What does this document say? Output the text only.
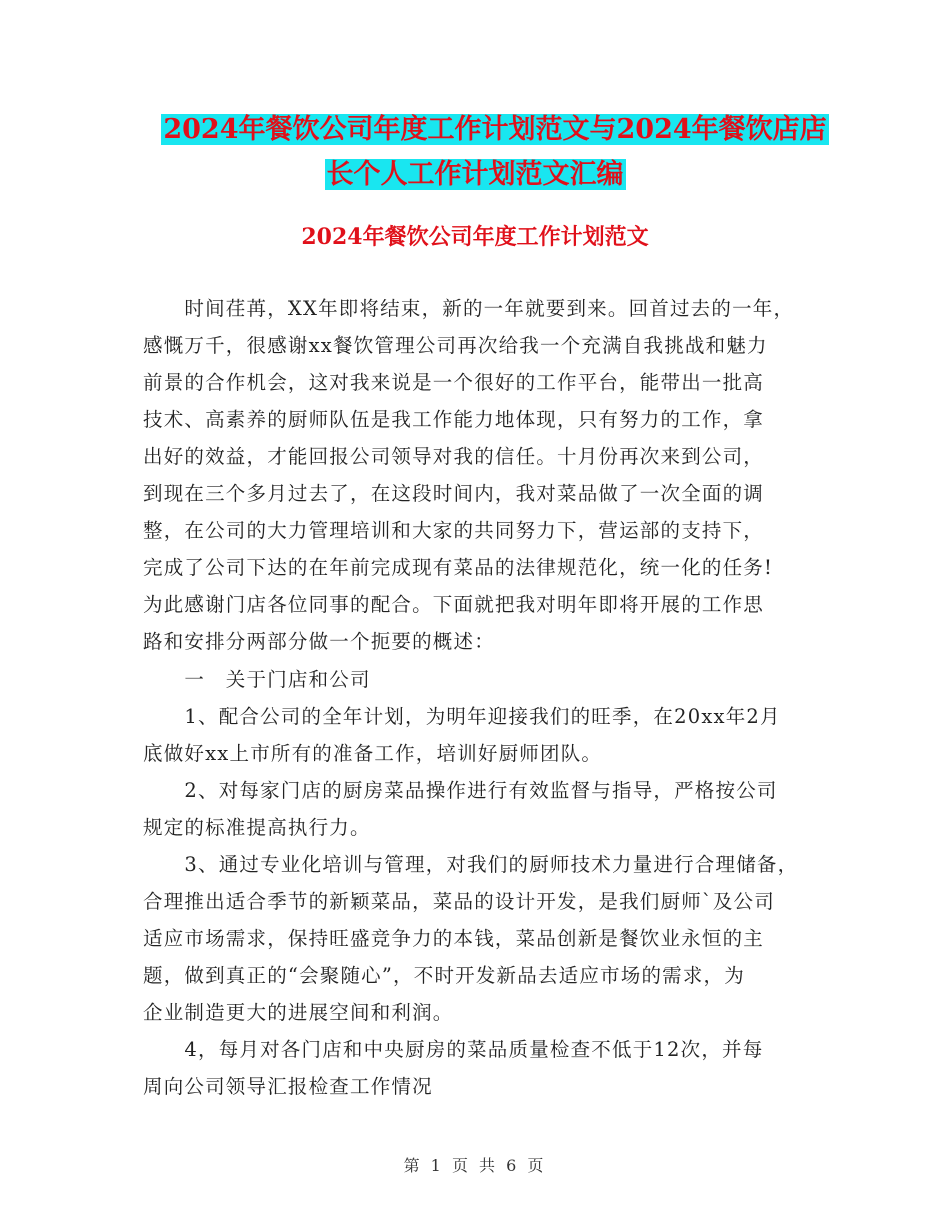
2024年餐饮公司年度工作计划范文与2024年餐饮店店
长个人工作计划范文汇编
2024年餐饮公司年度工作计划范文
　　时间荏苒，XX年即将结束，新的一年就要到来。回首过去的一年，
感慨万千，很感谢xx餐饮管理公司再次给我一个充满自我挑战和魅力
前景的合作机会，这对我来说是一个很好的工作平台，能带出一批高
技术、高素养的厨师队伍是我工作能力地体现，只有努力的工作，拿
出好的效益，才能回报公司领导对我的信任。十月份再次来到公司，
到现在三个多月过去了，在这段时间内，我对菜品做了一次全面的调
整，在公司的大力管理培训和大家的共同努力下，营运部的支持下，
完成了公司下达的在年前完成现有菜品的法律规范化，统一化的任务!
为此感谢门店各位同事的配合。下面就把我对明年即将开展的工作思
路和安排分两部分做一个扼要的概述：
　　一　关于门店和公司
　　1、配合公司的全年计划，为明年迎接我们的旺季，在20xx年2月
底做好xx上市所有的准备工作，培训好厨师团队。
　　2、对每家门店的厨房菜品操作进行有效监督与指导，严格按公司
规定的标准提高执行力。
　　3、通过专业化培训与管理，对我们的厨师技术力量进行合理储备，
合理推出适合季节的新颖菜品，菜品的设计开发，是我们厨师`及公司
适应市场需求，保持旺盛竞争力的本钱，菜品创新是餐饮业永恒的主
题，做到真正的“会聚随心”，不时开发新品去适应市场的需求，为
企业制造更大的进展空间和利润。
　　4，每月对各门店和中央厨房的菜品质量检查不低于12次，并每
周向公司领导汇报检查工作情况
第 1 页 共 6 页
